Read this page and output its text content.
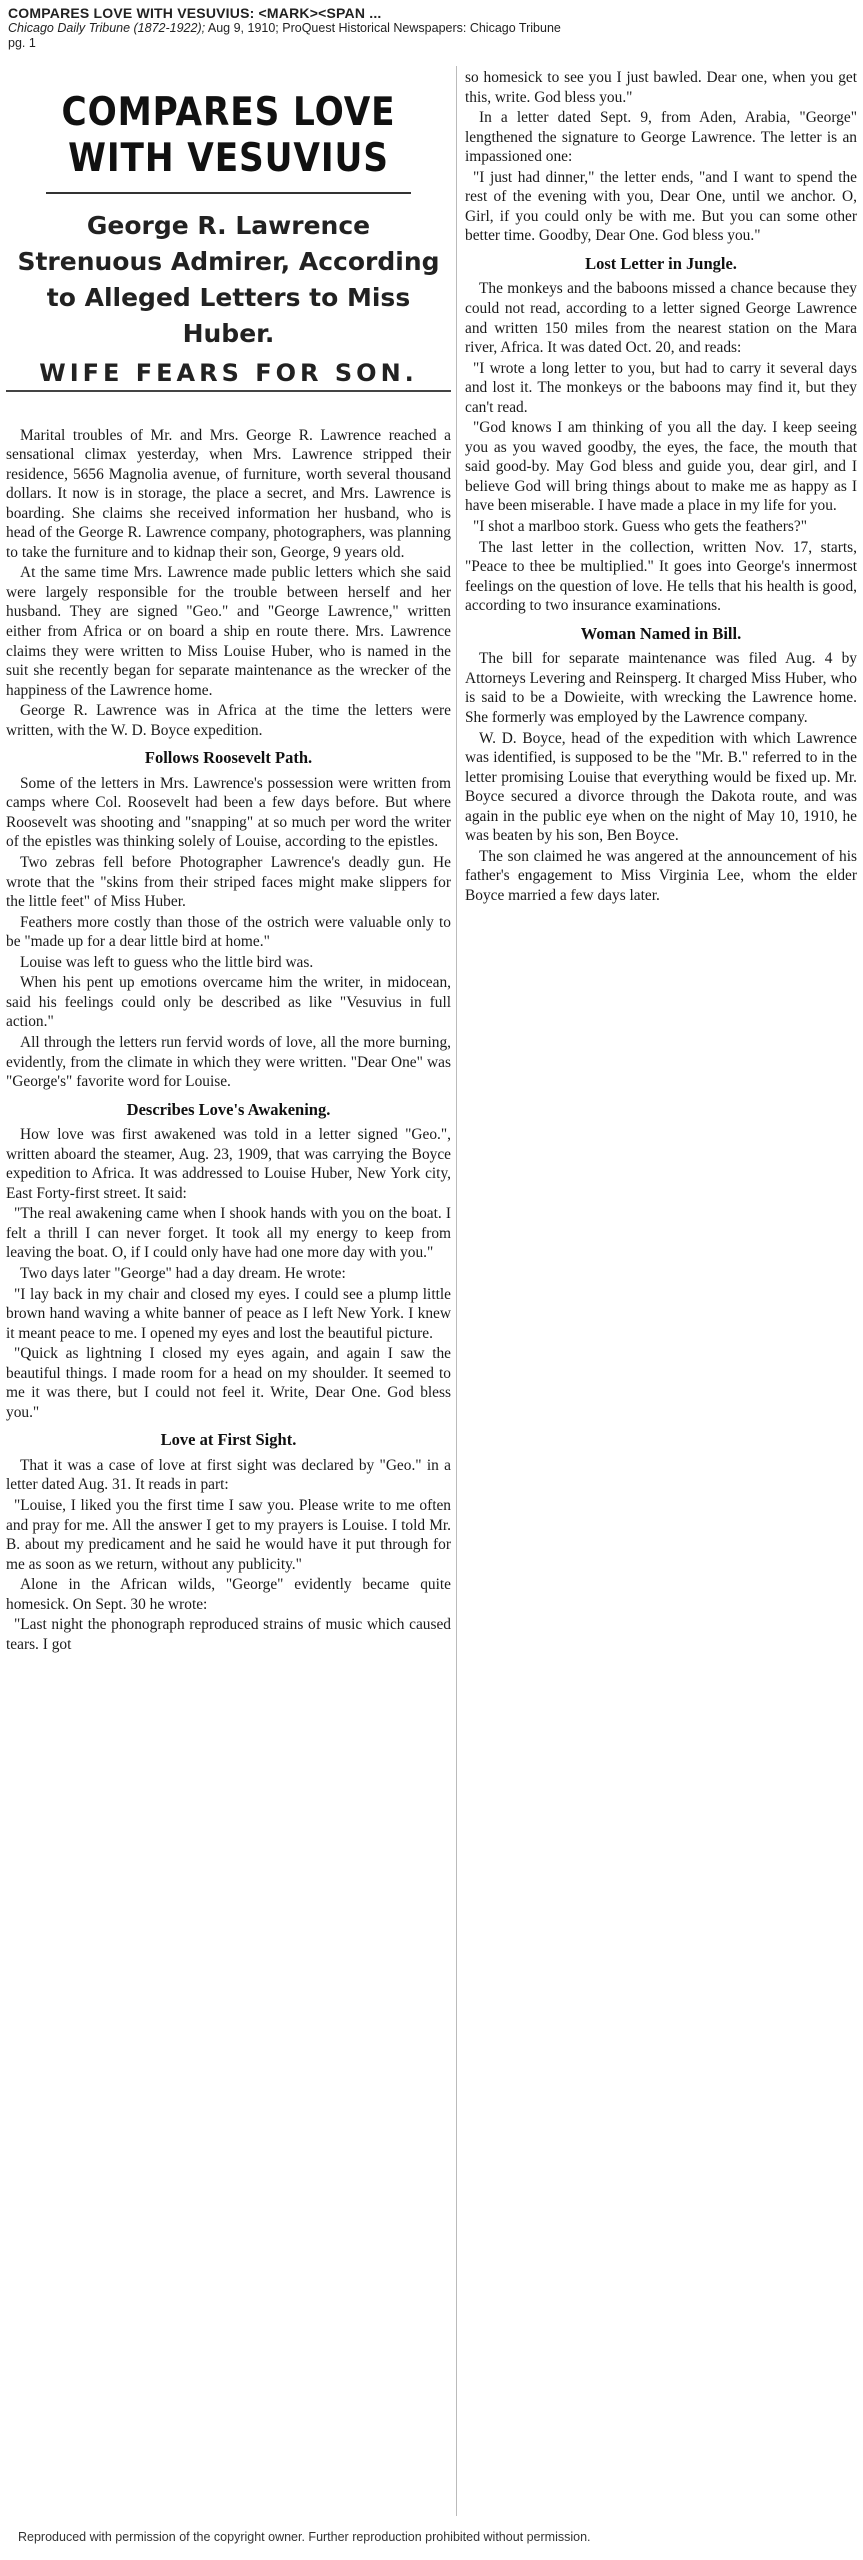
COMPARES LOVE WITH VESUVIUS: <MARK><SPAN ...
Chicago Daily Tribune (1872-1922); Aug 9, 1910; ProQuest Historical Newspapers: Chicago Tribune
pg. 1
COMPARES LOVE WITH VESUVIUS
George R. Lawrence Strenuous Admirer, According to Alleged Letters to Miss Huber.
WIFE FEARS FOR SON.

Marital troubles of Mr. and Mrs. George R. Lawrence reached a sensational climax yesterday, when Mrs. Lawrence stripped their residence, 5656 Magnolia avenue, of furniture, worth several thousand dollars. It now is in storage, the place a secret, and Mrs. Lawrence is boarding. She claims she received information her husband, who is head of the George R. Lawrence company, photographers, was planning to take the furniture and to kidnap their son, George, 9 years old.

At the same time Mrs. Lawrence made public letters which she said were largely responsible for the trouble between herself and her husband. They are signed "Geo." and "George Lawrence," written either from Africa or on board a ship en route there. Mrs. Lawrence claims they were written to Miss Louise Huber, who is named in the suit she recently began for separate maintenance as the wrecker of the happiness of the Lawrence home.

George R. Lawrence was in Africa at the time the letters were written, with the W. D. Boyce expedition.

Follows Roosevelt Path.

Some of the letters in Mrs. Lawrence's possession were written from camps where Col. Roosevelt had been a few days before. But where Roosevelt was shooting and "snapping" at so much per word the writer of the epistles was thinking solely of Louise, according to the epistles.

Two zebras fell before Photographer Lawrence's deadly gun. He wrote that the "skins from their striped faces might make slippers for the little feet" of Miss Huber.

Feathers more costly than those of the ostrich were valuable only to be "made up for a dear little bird at home."

Louise was left to guess who the little bird was.

When his pent up emotions overcame him the writer, in midocean, said his feelings could only be described as like "Vesuvius in full action."

All through the letters run fervid words of love, all the more burning, evidently, from the climate in which they were written. "Dear One" was "George's" favorite word for Louise.

Describes Love's Awakening.

How love was first awakened was told in a letter signed "Geo.", written aboard the steamer, Aug. 23, 1909, that was carrying the Boyce expedition to Africa. It was addressed to Louise Huber, New York city, East Forty-first street. It said:

"The real awakening came when I shook hands with you on the boat. I felt a thrill I can never forget. It took all my energy to keep from leaving the boat. O, if I could only have had one more day with you."

Two days later "George" had a day dream. He wrote:

"I lay back in my chair and closed my eyes. I could see a plump little brown hand waving a white banner of peace as I left New York. I knew it meant peace to me. I opened my eyes and lost the beautiful picture.

"Quick as lightning I closed my eyes again, and again I saw the beautiful things. I made room for a head on my shoulder. It seemed to me it was there, but I could not feel it. Write, Dear One. God bless you."

Love at First Sight.

That it was a case of love at first sight was declared by "Geo." in a letter dated Aug. 31. It reads in part:

"Louise, I liked you the first time I saw you. Please write to me often and pray for me. All the answer I get to my prayers is Louise. I told Mr. B. about my predicament and he said he would have it put through for me as soon as we return, without any publicity."

Alone in the African wilds, "George" evidently became quite homesick. On Sept. 30 he wrote:

"Last night the phonograph reproduced strains of music which caused tears. I got

so homesick to see you I just bawled. Dear one, when you get this, write. God bless you."

In a letter dated Sept. 9, from Aden, Arabia, "George" lengthened the signature to George Lawrence. The letter is an impassioned one:

"I just had dinner," the letter ends, "and I want to spend the rest of the evening with you, Dear One, until we anchor. O, Girl, if you could only be with me. But you can some other better time. Goodby, Dear One. God bless you."

Lost Letter in Jungle.

The monkeys and the baboons missed a chance because they could not read, according to a letter signed George Lawrence and written 150 miles from the nearest station on the Mara river, Africa. It was dated Oct. 20, and reads:

"I wrote a long letter to you, but had to carry it several days and lost it. The monkeys or the baboons may find it, but they can't read.

"God knows I am thinking of you all the day. I keep seeing you as you waved goodby, the eyes, the face, the mouth that said good-by. May God bless and guide you, dear girl, and I believe God will bring things about to make me as happy as I have been miserable. I have made a place in my life for you.

"I shot a marlboo stork. Guess who gets the feathers?"

The last letter in the collection, written Nov. 17, starts, "Peace to thee be multiplied." It goes into George's innermost feelings on the question of love. He tells that his health is good, according to two insurance examinations.

Woman Named in Bill.

The bill for separate maintenance was filed Aug. 4 by Attorneys Levering and Reinsperg. It charged Miss Huber, who is said to be a Dowieite, with wrecking the Lawrence home. She formerly was employed by the Lawrence company.

W. D. Boyce, head of the expedition with which Lawrence was identified, is supposed to be the "Mr. B." referred to in the letter promising Louise that everything would be fixed up. Mr. Boyce secured a divorce through the Dakota route, and was again in the public eye when on the night of May 10, 1910, he was beaten by his son, Ben Boyce.

The son claimed he was angered at the announcement of his father's engagement to Miss Virginia Lee, whom the elder Boyce married a few days later.

Reproduced with permission of the copyright owner. Further reproduction prohibited without permission.
